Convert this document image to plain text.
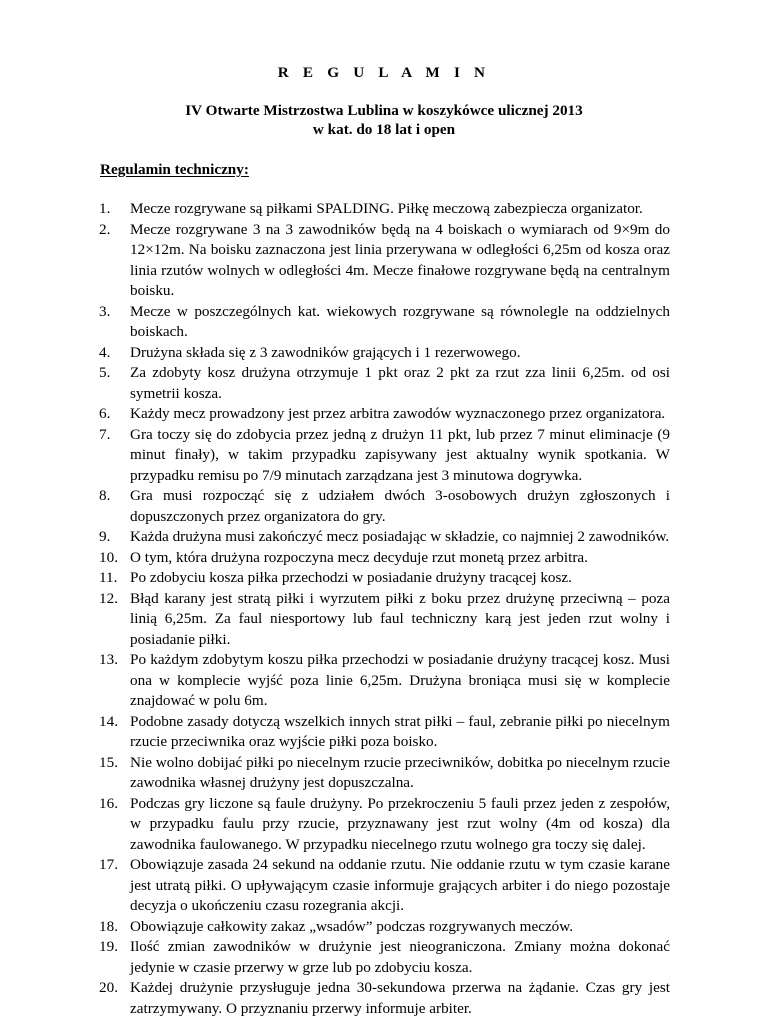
R E G U L A M I N
IV Otwarte Mistrzostwa Lublina w koszykówce ulicznej 2013
w kat. do 18 lat i open
Regulamin techniczny:
1. Mecze rozgrywane są piłkami SPALDING. Piłkę meczową zabezpiecza organizator.
2. Mecze rozgrywane 3 na 3 zawodników będą na 4 boiskach o wymiarach od 9×9m do 12×12m. Na boisku zaznaczona jest linia przerywana w odległości 6,25m od kosza oraz linia rzutów wolnych w odległości 4m. Mecze finałowe rozgrywane będą na centralnym boisku.
3. Mecze w poszczególnych kat. wiekowych rozgrywane są równolegle na oddzielnych boiskach.
4. Drużyna składa się z 3 zawodników grających i 1 rezerwowego.
5. Za zdobyty kosz drużyna otrzymuje 1 pkt oraz 2 pkt za rzut zza linii 6,25m. od osi symetrii kosza.
6. Każdy mecz prowadzony jest przez arbitra zawodów wyznaczonego przez organizatora.
7. Gra toczy się do zdobycia przez jedną z drużyn 11 pkt, lub przez 7 minut eliminacje (9 minut finały), w takim przypadku zapisywany jest aktualny wynik spotkania. W przypadku remisu po 7/9 minutach zarządzana jest 3 minutowa dogrywka.
8. Gra musi rozpocząć się z udziałem dwóch 3-osobowych drużyn zgłoszonych i dopuszczonych przez organizatora do gry.
9. Każda drużyna musi zakończyć mecz posiadając w składzie, co najmniej 2 zawodników.
10. O tym, która drużyna rozpoczyna mecz decyduje rzut monetą przez arbitra.
11. Po zdobyciu kosza piłka przechodzi w posiadanie drużyny tracącej kosz.
12. Błąd karany jest stratą piłki i wyrzutem piłki z boku przez drużynę przeciwną – poza linią 6,25m. Za faul niesportowy lub faul techniczny karą jest jeden rzut wolny i posiadanie piłki.
13. Po każdym zdobytym koszu piłka przechodzi w posiadanie drużyny tracącej kosz. Musi ona w komplecie wyjść poza linie 6,25m. Drużyna broniąca musi się w komplecie znajdować w polu 6m.
14. Podobne zasady dotyczą wszelkich innych strat piłki – faul, zebranie piłki po niecelnym rzucie przeciwnika oraz wyjście piłki poza boisko.
15. Nie wolno dobijać piłki po niecelnym rzucie przeciwników, dobitka po niecelnym rzucie zawodnika własnej drużyny jest dopuszczalna.
16. Podczas gry liczone są faule drużyny. Po przekroczeniu 5 fauli przez jeden z zespołów, w przypadku faulu przy rzucie, przyznawany jest rzut wolny (4m od kosza) dla zawodnika faulowanego. W przypadku niecelnego rzutu wolnego gra toczy się dalej.
17. Obowiązuje zasada 24 sekund na oddanie rzutu. Nie oddanie rzutu w tym czasie karane jest utratą piłki. O upływającym czasie informuje grających arbiter i do niego pozostaje decyzja o ukończeniu czasu rozegrania akcji.
18. Obowiązuje całkowity zakaz „wsadów” podczas rozgrywanych meczów.
19. Ilość zmian zawodników w drużynie jest nieograniczona. Zmiany można dokonać jedynie w czasie przerwy w grze lub po zdobyciu kosza.
20. Każdej drużynie przysługuje jedna 30-sekundowa przerwa na żądanie. Czas gry jest zatrzymywany. O przyznaniu przerwy informuje arbiter.
